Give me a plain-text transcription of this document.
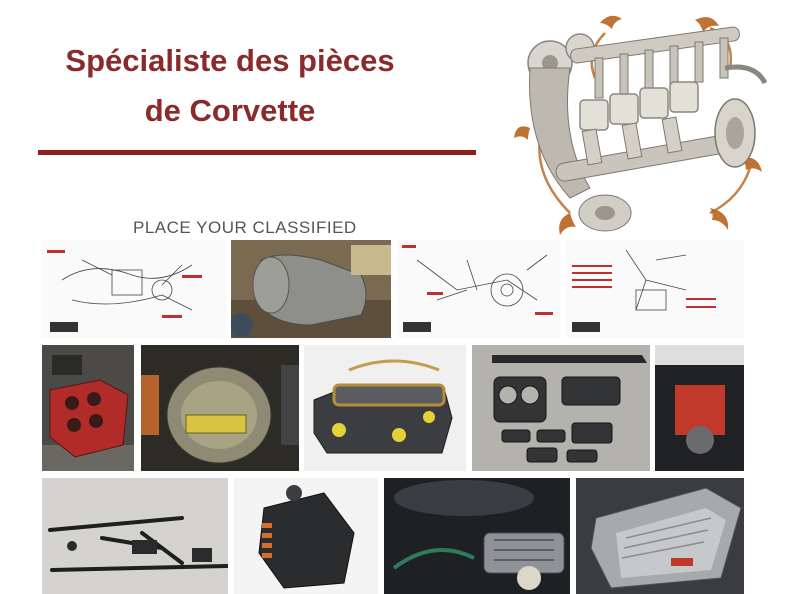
Spécialiste des pièces
de Corvette
PLACE YOUR CLASSIFIED
